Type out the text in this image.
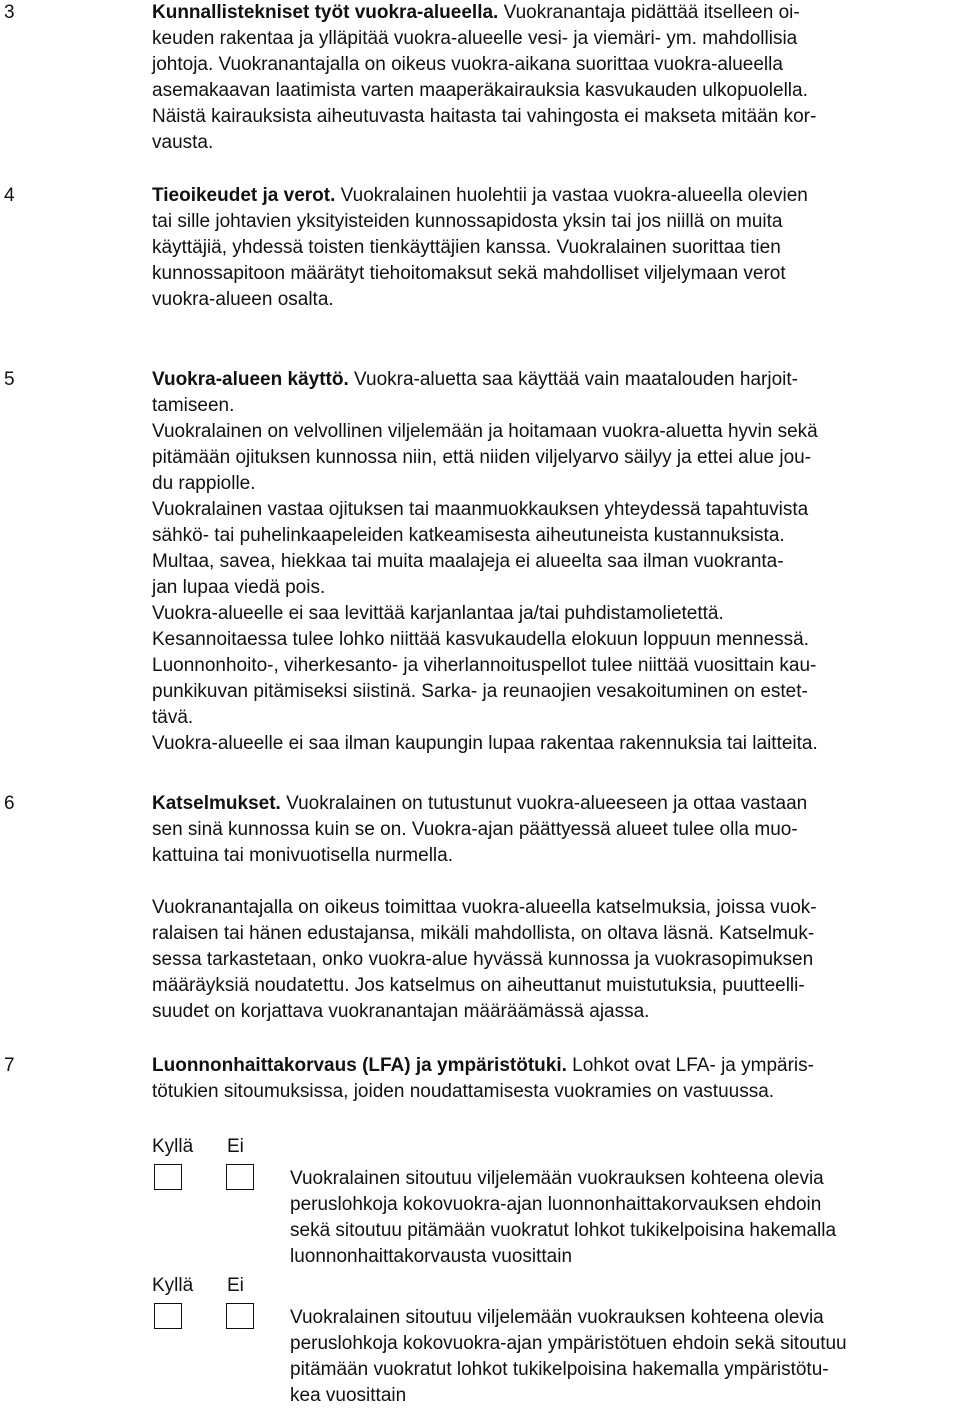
3	Kunnallistekniset työt vuokra-alueella. Vuokranantaja pidättää itselleen oi-
keuden rakentaa ja ylläpitää vuokra-alueelle vesi- ja viemäri- ym. mahdollisia
johtoja. Vuokranantajalla on oikeus vuokra-aikana suorittaa vuokra-alueella
asemakaavan laatimista varten maaperäkairauksia kasvukauden ulkopuolella.
Näistä kairauksista aiheutuvasta haitasta tai vahingosta ei makseta mitään kor-
vausta.
4	Tieoikeudet ja verot. Vuokralainen huolehtii ja vastaa vuokra-alueella olevien
tai sille johtavien yksityisteiden kunnossapidosta yksin tai jos niillä on muita
käyttäjiä, yhdessä toisten tienkäyttäjien kanssa. Vuokralainen suorittaa tien
kunnossapitoon määrätyt tiehoitomaksut sekä mahdolliset viljelymaan verot
vuokra-alueen osalta.
5	Vuokra-alueen käyttö. Vuokra-aluetta saa käyttää vain maatalouden harjoit-
tamiseen.
Vuokralainen on velvollinen viljelemään ja hoitamaan vuokra-aluetta hyvin sekä
pitämään ojituksen kunnossa niin, että niiden viljelyarvo säilyy ja ettei alue jou-
du rappiolle.
Vuokralainen vastaa ojituksen tai maanmuokkauksen yhteydessä tapahtuvista
sähkö- tai puhelinkaapeleiden katkeamisesta aiheutuneista kustannuksista.
Multaa, savea, hiekkaa tai muita maalajeja ei alueelta saa ilman vuokranta-
jan lupaa viedä pois.
Vuokra-alueelle ei saa levittää karjanlantaa ja/tai puhdistamolietettä.
Kesannoitaessa tulee lohko niittää kasvukaudella elokuun loppuun mennessä.
Luonnonhoito-, viherkesanto- ja viherlannoituspellot tulee niittää vuosittain kau-
punkikuvan pitämiseksi siistinä. Sarka- ja reunaojien vesakoituminen on estet-
tävä.
Vuokra-alueelle ei saa ilman kaupungin lupaa rakentaa rakennuksia tai laitteita.
6	Katselmukset. Vuokralainen on tutustunut vuokra-alueeseen ja ottaa vastaan
sen sinä kunnossa kuin se on. Vuokra-ajan päättyessä alueet tulee olla muo-
kattuina tai monivuotisella nurmella.
Vuokranantajalla on oikeus toimittaa vuokra-alueella katselmuksia, joissa vuok-
ralaisen tai hänen edustajansa, mikäli mahdollista, on oltava läsnä. Katselmuk-
sessa tarkastetaan, onko vuokra-alue hyvässä kunnossa ja vuokrasopimuksen
määräyksiä noudatettu. Jos katselmus on aiheuttanut muistutuksia, puutteelli-
suudet on korjattava vuokranantajan määräämässä ajassa.
7	Luonnonhaittakorvaus (LFA) ja ympäristötuki. Lohkot ovat LFA- ja ympäris-
tötukien sitoumuksissa, joiden noudattamisesta vuokramies on vastuussa.
Kyllä Ei
Vuokralainen sitoutuu viljelemään vuokrauksen kohteena olevia
peruslohkoja kokovuokra-ajan luonnonhaittakorvauksen ehdoin
sekä sitoutuu pitämään vuokratut lohkot tukikelpoisina hakemalla
luonnonhaittakorvausta vuosittain
Kyllä Ei
Vuokralainen sitoutuu viljelemään vuokrauksen kohteena olevia
peruslohkoja kokovuokra-ajan ympäristötuen ehdoin sekä sitoutuu
pitämään vuokratut lohkot tukikelpoisina hakemalla ympäristötu-
kea vuosittain
